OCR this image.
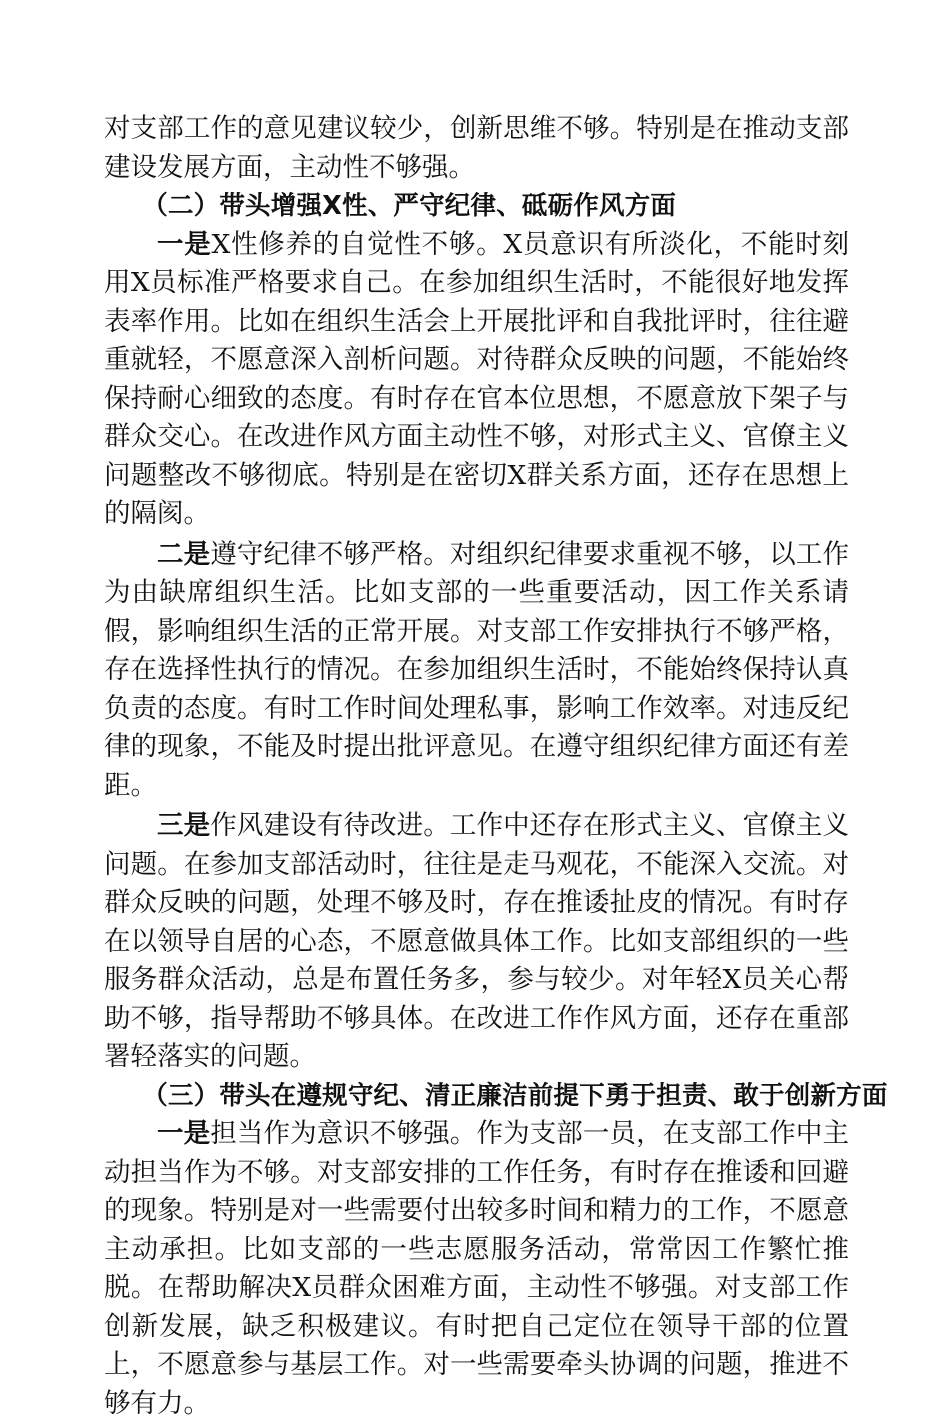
对支部工作的意见建议较少，创新思维不够。特别是在推动支部建设发展方面，主动性不够强。

（二）带头增强X性、严守纪律、砥砺作风方面

一是X性修养的自觉性不够。X员意识有所淡化，不能时刻用X员标准严格要求自己。在参加组织生活时，不能很好地发挥表率作用。比如在组织生活会上开展批评和自我批评时，往往避重就轻，不愿意深入剖析问题。对待群众反映的问题，不能始终保持耐心细致的态度。有时存在官本位思想，不愿意放下架子与群众交心。在改进作风方面主动性不够，对形式主义、官僚主义问题整改不够彻底。特别是在密切X群关系方面，还存在思想上的隔阂。

二是遵守纪律不够严格。对组织纪律要求重视不够，以工作为由缺席组织生活。比如支部的一些重要活动，因工作关系请假，影响组织生活的正常开展。对支部工作安排执行不够严格，存在选择性执行的情况。在参加组织生活时，不能始终保持认真负责的态度。有时工作时间处理私事，影响工作效率。对违反纪律的现象，不能及时提出批评意见。在遵守组织纪律方面还有差距。

三是作风建设有待改进。工作中还存在形式主义、官僚主义问题。在参加支部活动时，往往是走马观花，不能深入交流。对群众反映的问题，处理不够及时，存在推诿扯皮的情况。有时存在以领导自居的心态，不愿意做具体工作。比如支部组织的一些服务群众活动，总是布置任务多，参与较少。对年轻X员关心帮助不够，指导帮助不够具体。在改进工作作风方面，还存在重部署轻落实的问题。

（三）带头在遵规守纪、清正廉洁前提下勇于担责、敢于创新方面

一是担当作为意识不够强。作为支部一员，在支部工作中主动担当作为不够。对支部安排的工作任务，有时存在推诿和回避的现象。特别是对一些需要付出较多时间和精力的工作，不愿意主动承担。比如支部的一些志愿服务活动，常常因工作繁忙推脱。在帮助解决X员群众困难方面，主动性不够强。对支部工作创新发展，缺乏积极建议。有时把自己定位在领导干部的位置上，不愿意参与基层工作。对一些需要牵头协调的问题，推进不够有力。
